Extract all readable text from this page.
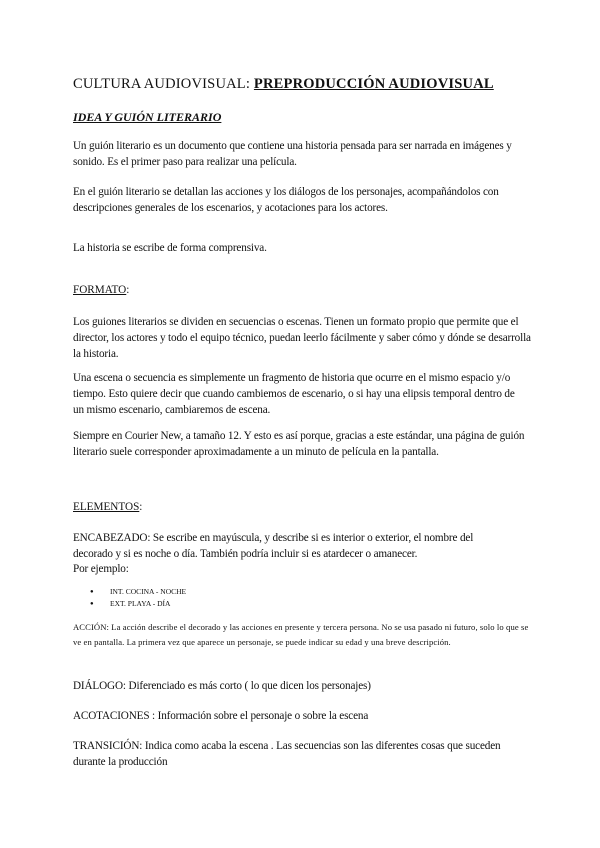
CULTURA AUDIOVISUAL: PREPRODUCCIÓN AUDIOVISUAL
IDEA Y GUIÓN LITERARIO
Un guión literario es un documento que contiene una historia pensada para ser narrada en imágenes y sonido. Es el primer paso para realizar una película.
En el guión literario se detallan las acciones y los diálogos de los personajes, acompañándolos con descripciones generales de los escenarios, y acotaciones para los actores.
La historia se escribe de forma comprensiva.
FORMATO:
Los guiones literarios se dividen en secuencias o escenas. Tienen un formato propio que permite que el director, los actores y todo el equipo técnico, puedan leerlo fácilmente y saber cómo y dónde se desarrolla la historia.
Una escena o secuencia es simplemente un fragmento de historia que ocurre en el mismo espacio y/o tiempo. Esto quiere decir que cuando cambiemos de escenario, o si hay una elipsis temporal dentro de un mismo escenario, cambiaremos de escena.
Siempre en Courier New, a tamaño 12. Y esto es así porque, gracias a este estándar, una página de guión literario suele corresponder aproximadamente a un minuto de película en la pantalla.
ELEMENTOS:
ENCABEZADO: Se escribe en mayúscula, y describe si es interior o exterior, el nombre del
decorado y si es noche o día. También podría incluir si es atardecer o amanecer.
Por ejemplo:
● INT. COCINA - NOCHE
● EXT. PLAYA - DÍA
ACCIÓN: La acción describe el decorado y las acciones en presente y tercera persona. No se usa pasado ni futuro, solo lo que se ve en pantalla. La primera vez que aparece un personaje, se puede indicar su edad y una breve descripción.
DIÁLOGO: Diferenciado es más corto ( lo que dicen los personajes)
ACOTACIONES : Información sobre el personaje o sobre la escena
TRANSICIÓN: Indica como acaba la escena . Las secuencias son las diferentes cosas que suceden durante la producción
